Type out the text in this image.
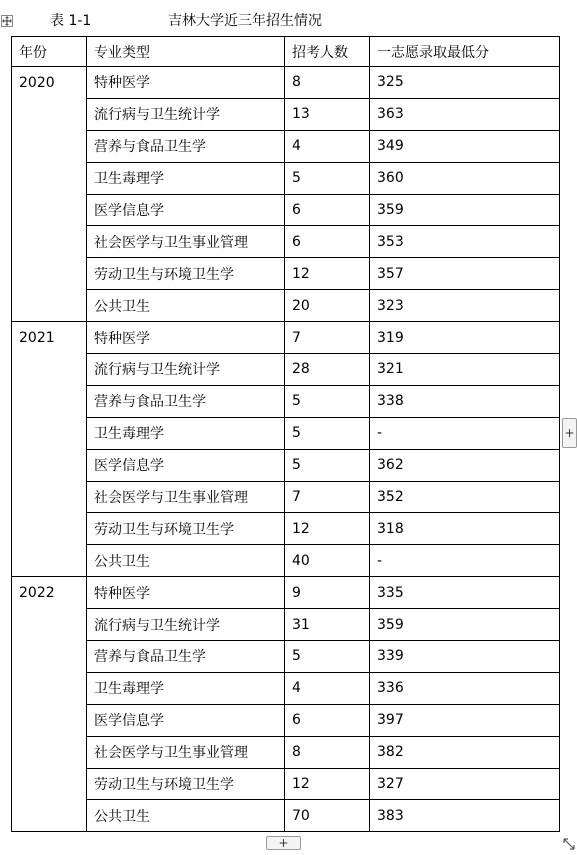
表 1-1	吉林大学近三年招生情况
年份	专业类型	招考人数	一志愿录取最低分
2020	特种医学	8	325
	流行病与卫生统计学	13	363
	营养与食品卫生学	4	349
	卫生毒理学	5	360
	医学信息学	6	359
	社会医学与卫生事业管理	6	353
	劳动卫生与环境卫生学	12	357
	公共卫生	20	323
2021	特种医学	7	319
	流行病与卫生统计学	28	321
	营养与食品卫生学	5	338
	卫生毒理学	5	-
	医学信息学	5	362
	社会医学与卫生事业管理	7	352
	劳动卫生与环境卫生学	12	318
	公共卫生	40	-
2022	特种医学	9	335
	流行病与卫生统计学	31	359
	营养与食品卫生学	5	339
	卫生毒理学	4	336
	医学信息学	6	397
	社会医学与卫生事业管理	8	382
	劳动卫生与环境卫生学	12	327
	公共卫生	70	383
+
+
